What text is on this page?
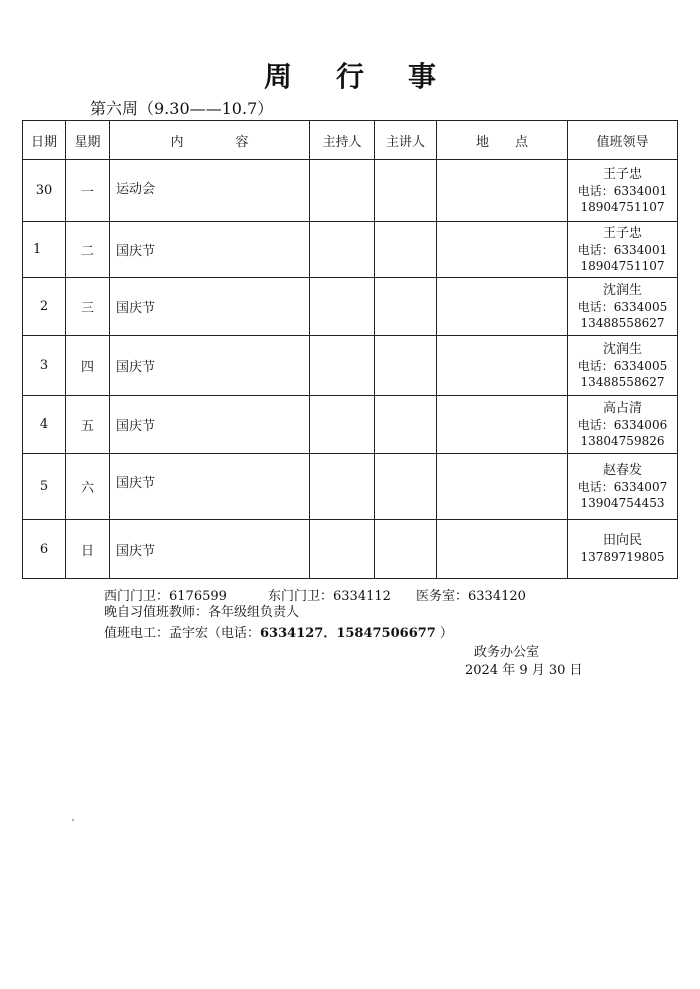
周行事
第六周（9.30——10.7）
日期	星期	内　　　　容	主持人	主讲人	地　　点	值班领导
30	一	运动会				王子忠
电话：6334001
18904751107

1	二	国庆节				王子忠
电话：6334001
18904751107

2	三	国庆节				沈润生
电话：6334005
13488558627

3	四	国庆节				沈润生
电话：6334005
13488558627

4	五	国庆节				高占清
电话：6334006
13804759826

5	六	国庆节				赵春发
电话：6334007
13904754453

6	日	国庆节				田向民
13789719805
西门门卫：6176599	东门门卫：6334112 医务室：6334120
晚自习值班教师：各年级组负责人
值班电工：孟宇宏（电话：6334127．15847506677 ）
政务办公室
2024 年 9 月 30 日
